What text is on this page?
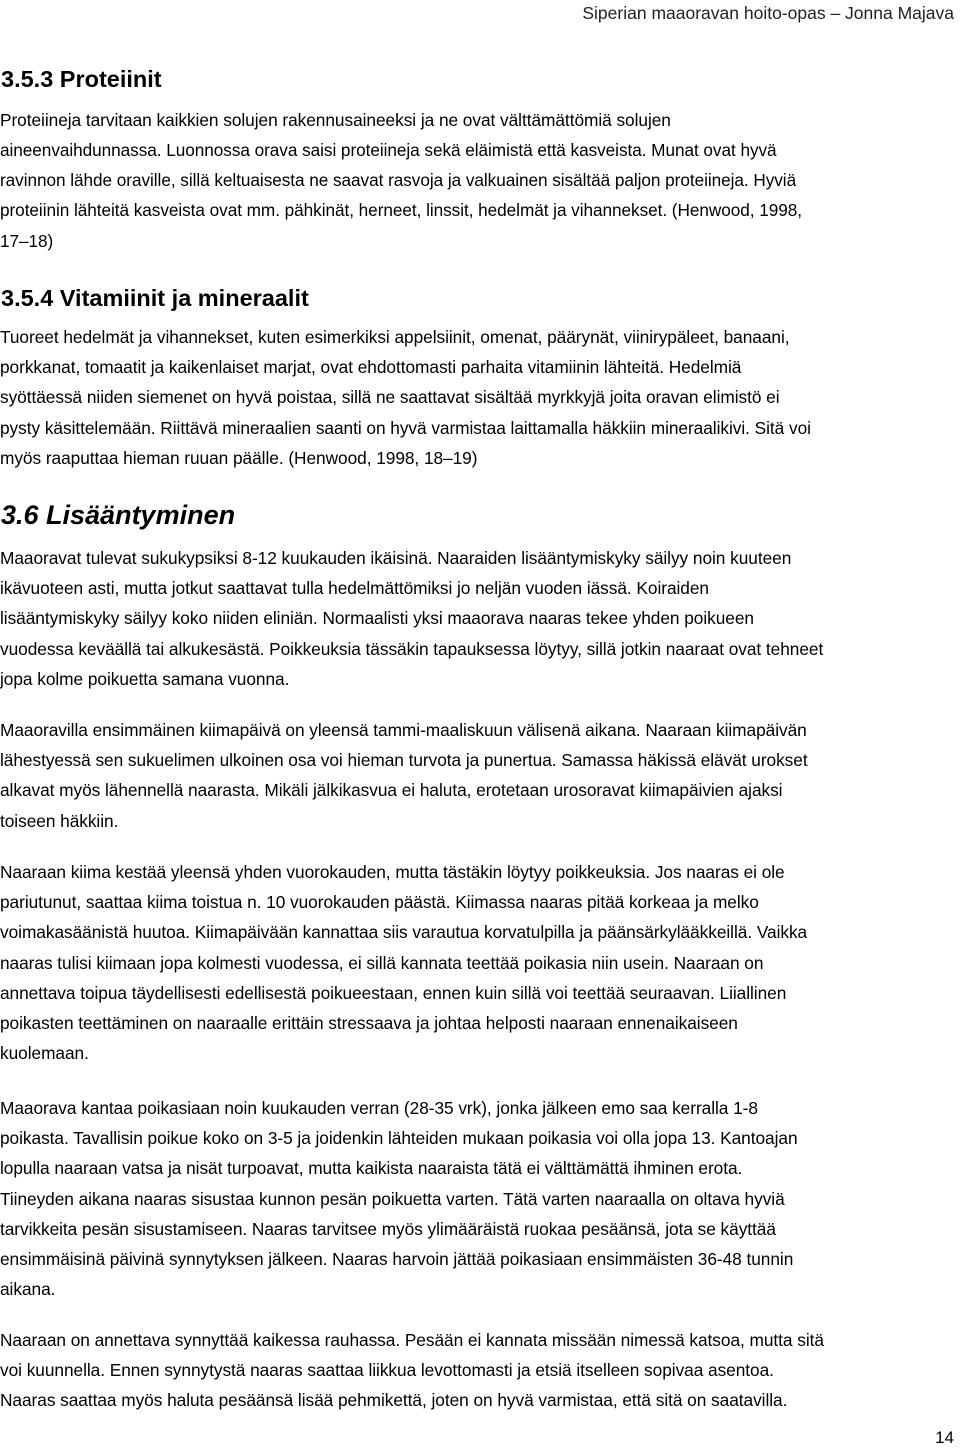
Siperian maaoravan hoito-opas – Jonna Majava
3.5.3 Proteiinit
Proteiineja tarvitaan kaikkien solujen rakennusaineeksi ja ne ovat välttämättömiä solujen
aineenvaihdunnassa. Luonnossa orava saisi proteiineja sekä eläimistä että kasveista. Munat ovat hyvä
ravinnon lähde oraville, sillä keltuaisesta ne saavat rasvoja ja valkuainen sisältää paljon proteiineja. Hyviä
proteiinin lähteitä kasveista ovat mm. pähkinät, herneet, linssit, hedelmät ja vihannekset. (Henwood, 1998,
17–18)
3.5.4 Vitamiinit ja mineraalit
Tuoreet hedelmät ja vihannekset, kuten esimerkiksi appelsiinit, omenat, päärynät, viinirypäleet, banaani,
porkkanat, tomaatit ja kaikenlaiset marjat, ovat ehdottomasti parhaita vitamiinin lähteitä. Hedelmiä
syöttäessä niiden siemenet on hyvä poistaa, sillä ne saattavat sisältää myrkkyjä joita oravan elimistö ei
pysty käsittelemään. Riittävä mineraalien saanti on hyvä varmistaa laittamalla häkkiin mineraalikivi. Sitä voi
myös raaputtaa hieman ruuan päälle. (Henwood, 1998, 18–19)
3.6 Lisääntyminen
Maaoravat tulevat sukukypsiksi 8-12 kuukauden ikäisinä. Naaraiden lisääntymiskyky säilyy noin kuuteen
ikävuoteen asti, mutta jotkut saattavat tulla hedelmättömiksi jo neljän vuoden iässä. Koiraiden
lisääntymiskyky säilyy koko niiden eliniän. Normaalisti yksi maaorava naaras tekee yhden poikueen
vuodessa keväällä tai alkukesästä. Poikkeuksia tässäkin tapauksessa löytyy, sillä jotkin naaraat ovat tehneet
jopa kolme poikuetta samana vuonna.
Maaoravilla ensimmäinen kiimapäivä on yleensä tammi-maaliskuun välisenä aikana. Naaraan kiimapäivän
lähestyessä sen sukuelimen ulkoinen osa voi hieman turvota ja punertua. Samassa häkissä elävät urokset
alkavat myös lähennellä naarasta. Mikäli jälkikasvua ei haluta, erotetaan urosoravat kiimapäivien ajaksi
toiseen häkkiin.
Naaraan kiima kestää yleensä yhden vuorokauden, mutta tästäkin löytyy poikkeuksia. Jos naaras ei ole
pariutunut, saattaa kiima toistua n. 10 vuorokauden päästä. Kiimassa naaras pitää korkeaa ja melko
voimakasäänistä huutoa. Kiimapäivään kannattaa siis varautua korvatulpilla ja päänsärkylääkkeillä. Vaikka
naaras tulisi kiimaan jopa kolmesti vuodessa, ei sillä kannata teettää poikasia niin usein. Naaraan on
annettava toipua täydellisesti edellisestä poikueestaan, ennen kuin sillä voi teettää seuraavan. Liiallinen
poikasten teettäminen on naaraalle erittäin stressaava ja johtaa helposti naaraan ennenaikaiseen
kuolemaan.
Maaorava kantaa poikasiaan noin kuukauden verran (28-35 vrk), jonka jälkeen emo saa kerralla 1-8
poikasta. Tavallisin poikue koko on 3-5 ja joidenkin lähteiden mukaan poikasia voi olla jopa 13. Kantoajan
lopulla naaraan vatsa ja nisät turpoavat, mutta kaikista naaraista tätä ei välttämättä ihminen erota.
Tiineyden aikana naaras sisustaa kunnon pesän poikuetta varten. Tätä varten naaraalla on oltava hyviä
tarvikkeita pesän sisustamiseen. Naaras tarvitsee myös ylimääräistä ruokaa pesäänsä, jota se käyttää
ensimmäisinä päivinä synnytyksen jälkeen. Naaras harvoin jättää poikasiaan ensimmäisten 36-48 tunnin
aikana.
Naaraan on annettava synnyttää kaikessa rauhassa. Pesään ei kannata missään nimessä katsoa, mutta sitä
voi kuunnella. Ennen synnytystä naaras saattaa liikkua levottomasti ja etsiä itselleen sopivaa asentoa.
Naaras saattaa myös haluta pesäänsä lisää pehmikettä, joten on hyvä varmistaa, että sitä on saatavilla.
14
